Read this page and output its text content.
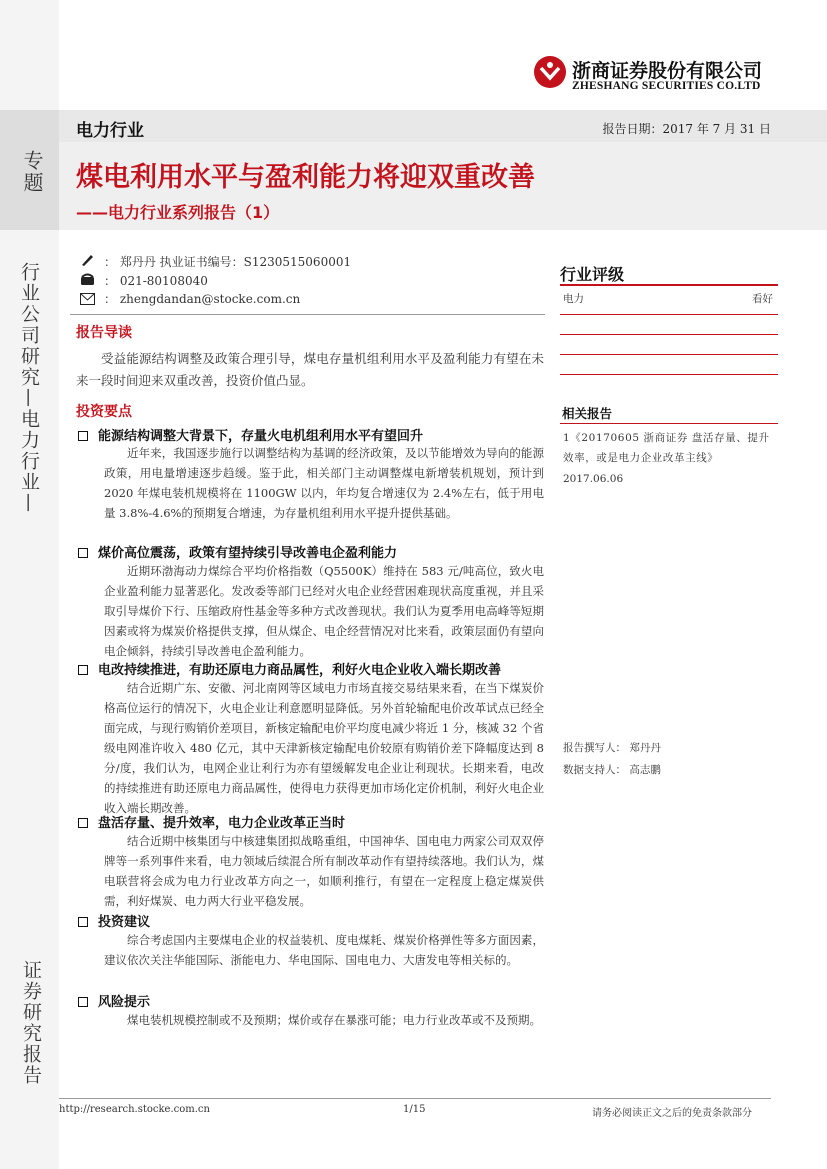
专题
行业公司研究—电力行业—
证券研究报告
浙商证券股份有限公司
ZHESHANG SECURITIES CO.LTD
电力行业	报告日期：2017 年 7 月 31 日
煤电利用水平与盈利能力将迎双重改善
——电力行业系列报告（1）
： 郑丹丹 执业证书编号：S1230515060001
： 021-80108040
： zhengdandan@stocke.com.cn
行业评级
电力	看好
相关报告
1《20170605 浙商证券 盘活存量、提升效率，或是电力企业改革主线》
2017.06.06
报告撰写人： 郑丹丹
数据支持人： 高志鹏
报告导读
受益能源结构调整及政策合理引导，煤电存量机组利用水平及盈利能力有望在未来一段时间迎来双重改善，投资价值凸显。
投资要点
能源结构调整大背景下，存量火电机组利用水平有望回升
近年来，我国逐步施行以调整结构为基调的经济政策，及以节能增效为导向的能源政策，用电量增速逐步趋缓。鉴于此，相关部门主动调整煤电新增装机规划，预计到 2020 年煤电装机规模将在 1100GW 以内，年均复合增速仅为 2.4%左右，低于用电量 3.8%-4.6%的预期复合增速，为存量机组利用水平提升提供基础。
煤价高位震荡，政策有望持续引导改善电企盈利能力
近期环渤海动力煤综合平均价格指数（Q5500K）维持在 583 元/吨高位，致火电企业盈利能力显著恶化。发改委等部门已经对火电企业经营困难现状高度重视，并且采取引导煤价下行、压缩政府性基金等多种方式改善现状。我们认为夏季用电高峰等短期因素或将为煤炭价格提供支撑，但从煤企、电企经营情况对比来看，政策层面仍有望向电企倾斜，持续引导改善电企盈利能力。
电改持续推进，有助还原电力商品属性，利好火电企业收入端长期改善
结合近期广东、安徽、河北南网等区域电力市场直接交易结果来看，在当下煤炭价格高位运行的情况下，火电企业让利意愿明显降低。另外首轮输配电价改革试点已经全面完成，与现行购销价差项目，新核定输配电价平均度电减少将近 1 分，核减 32 个省级电网准许收入 480 亿元，其中天津新核定输配电价较原有购销价差下降幅度达到 8 分/度，我们认为，电网企业让利行为亦有望缓解发电企业让利现状。长期来看，电改的持续推进有助还原电力商品属性，使得电力获得更加市场化定价机制，利好火电企业收入端长期改善。
盘活存量、提升效率，电力企业改革正当时
结合近期中核集团与中核建集团拟战略重组，中国神华、国电电力两家公司双双停牌等一系列事件来看，电力领域后续混合所有制改革动作有望持续落地。我们认为，煤电联营将会成为电力行业改革方向之一，如顺利推行，有望在一定程度上稳定煤炭供需，利好煤炭、电力两大行业平稳发展。
投资建议
综合考虑国内主要煤电企业的权益装机、度电煤耗、煤炭价格弹性等多方面因素，建议依次关注华能国际、浙能电力、华电国际、国电电力、大唐发电等相关标的。
风险提示
煤电装机规模控制或不及预期；煤价或存在暴涨可能；电力行业改革或不及预期。
http://research.stocke.com.cn	1/15	请务必阅读正文之后的免责条款部分
